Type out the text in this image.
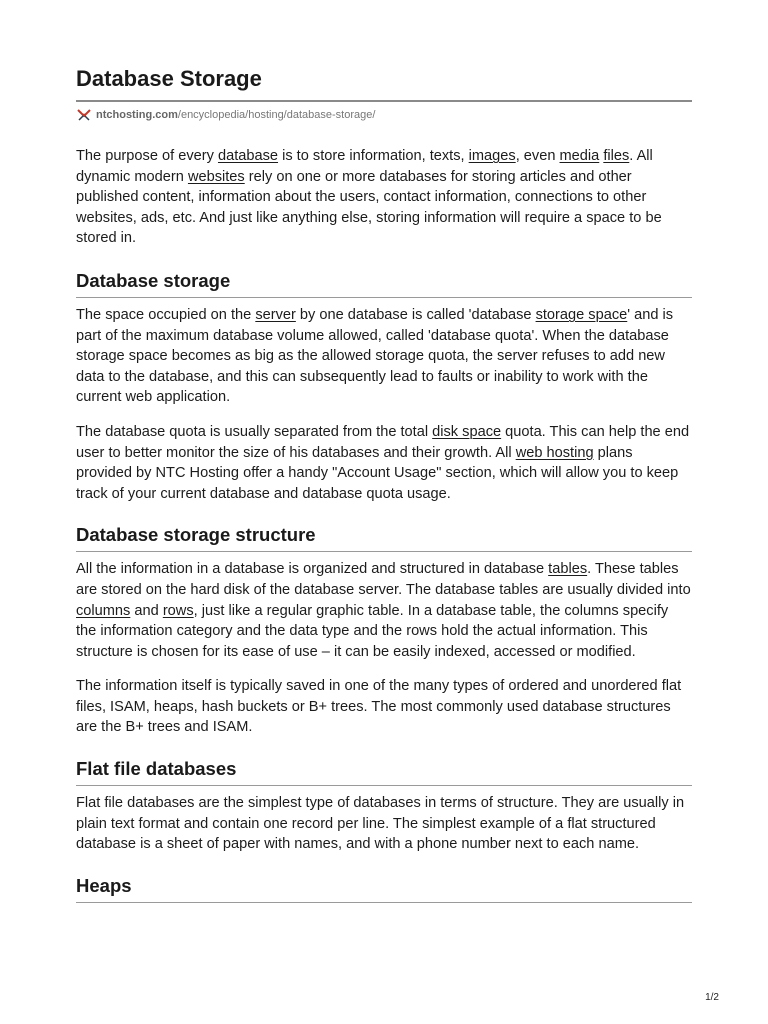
Database Storage
ntchosting.com /encyclopedia/hosting/database-storage/

The purpose of every database is to store information, texts, images, even media files. All dynamic modern websites rely on one or more databases for storing articles and other published content, information about the users, contact information, connections to other websites, ads, etc. And just like anything else, storing information will require a space to be stored in.

Database storage

The space occupied on the server by one database is called 'database storage space' and is part of the maximum database volume allowed, called 'database quota'. When the database storage space becomes as big as the allowed storage quota, the server refuses to add new data to the database, and this can subsequently lead to faults or inability to work with the current web application.

The database quota is usually separated from the total disk space quota. This can help the end user to better monitor the size of his databases and their growth. All web hosting plans provided by NTC Hosting offer a handy "Account Usage" section, which will allow you to keep track of your current database and database quota usage.

Database storage structure

All the information in a database is organized and structured in database tables. These tables are stored on the hard disk of the database server. The database tables are usually divided into columns and rows, just like a regular graphic table. In a database table, the columns specify the information category and the data type and the rows hold the actual information. This structure is chosen for its ease of use – it can be easily indexed, accessed or modified.

The information itself is typically saved in one of the many types of ordered and unordered flat files, ISAM, heaps, hash buckets or B+ trees. The most commonly used database structures are the B+ trees and ISAM.

Flat file databases

Flat file databases are the simplest type of databases in terms of structure. They are usually in plain text format and contain one record per line. The simplest example of a flat structured database is a sheet of paper with names, and with a phone number next to each name.

Heaps
1/2
